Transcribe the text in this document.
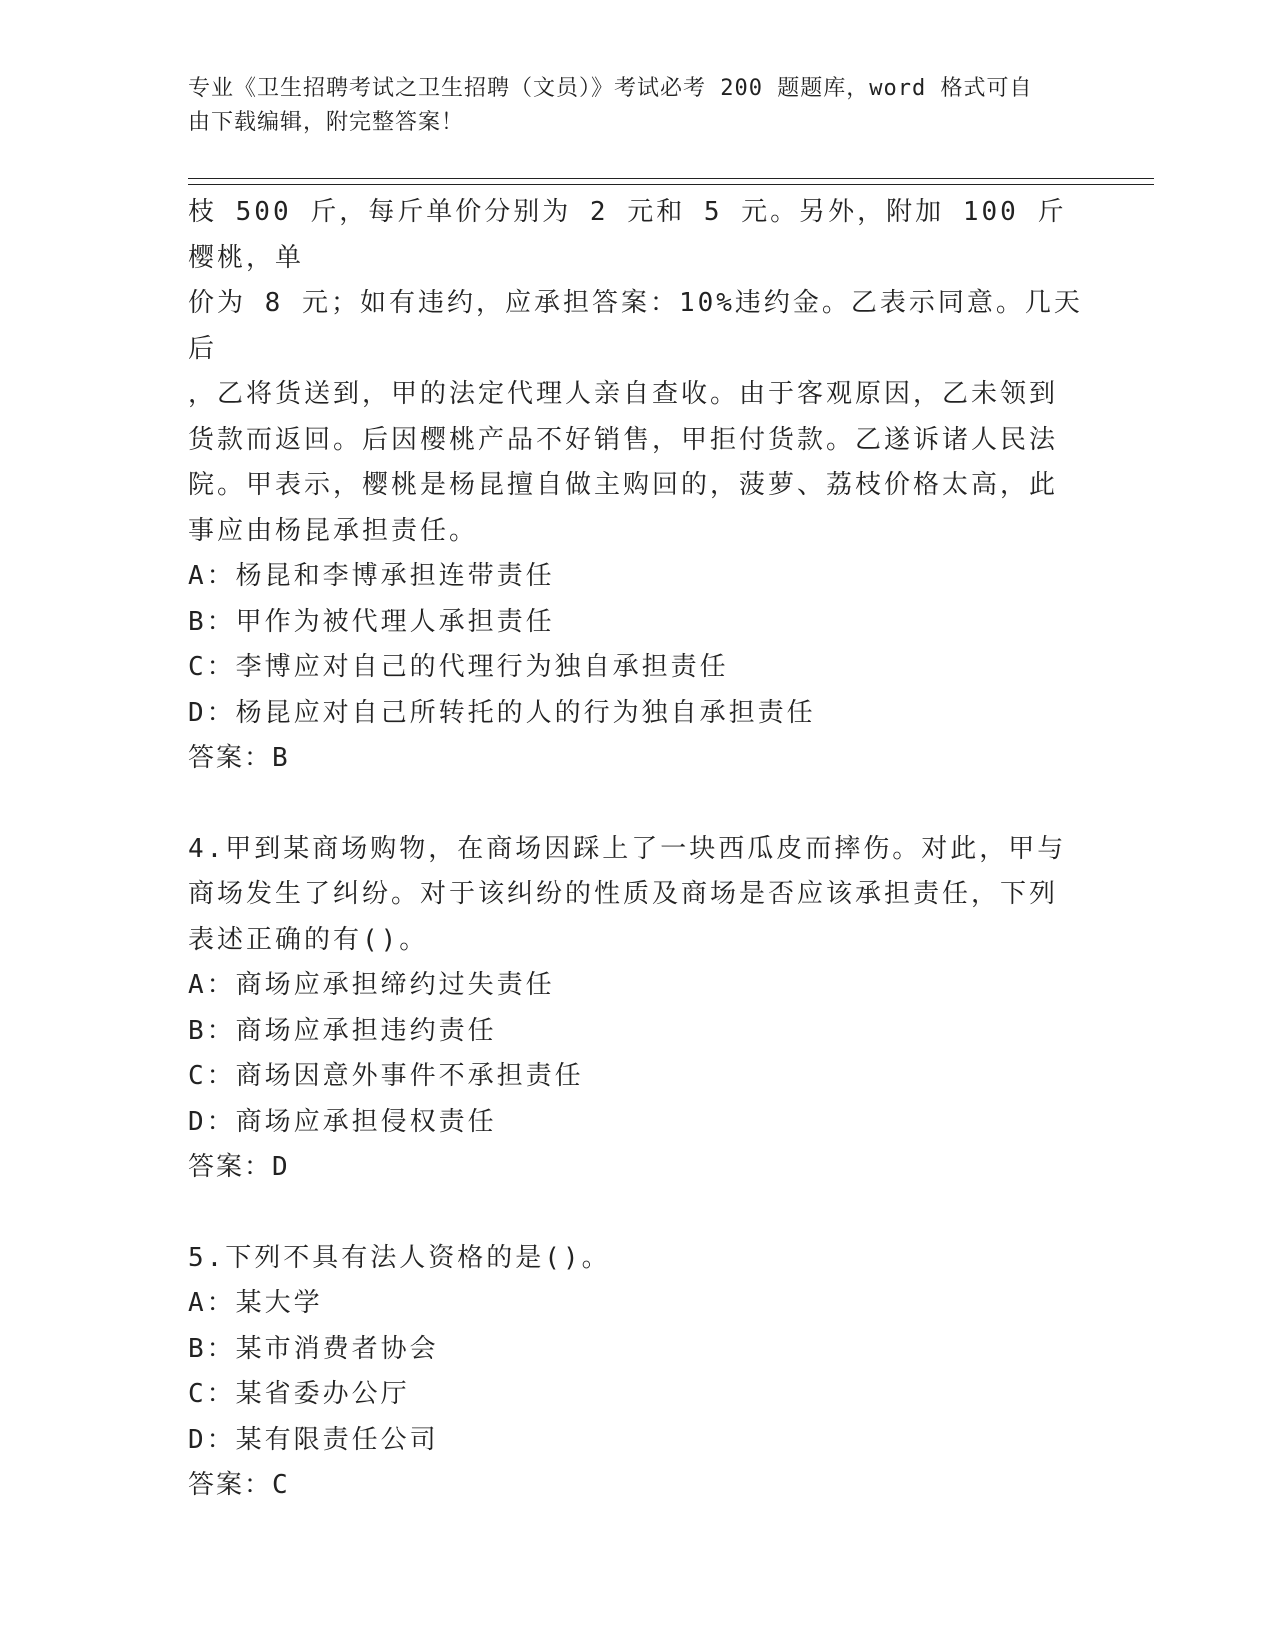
专业《卫生招聘考试之卫生招聘（文员）》考试必考 200 题题库，word 格式可自
由下载编辑，附完整答案！
枝 500 斤，每斤单价分别为 2 元和 5 元。另外，附加 100 斤樱桃，单
价为 8 元；如有违约，应承担答案：10%违约金。乙表示同意。几天后
，乙将货送到，甲的法定代理人亲自查收。由于客观原因，乙未领到
货款而返回。后因樱桃产品不好销售，甲拒付货款。乙遂诉诸人民法
院。甲表示，樱桃是杨昆擅自做主购回的，菠萝、荔枝价格太高，此
事应由杨昆承担责任。
A：杨昆和李博承担连带责任
B：甲作为被代理人承担责任
C：李博应对自己的代理行为独自承担责任
D：杨昆应对自己所转托的人的行为独自承担责任
答案：B
4.甲到某商场购物，在商场因踩上了一块西瓜皮而摔伤。对此，甲与
商场发生了纠纷。对于该纠纷的性质及商场是否应该承担责任，下列
表述正确的有()。
A：商场应承担缔约过失责任
B：商场应承担违约责任
C：商场因意外事件不承担责任
D：商场应承担侵权责任
答案：D
5.下列不具有法人资格的是()。
A：某大学
B：某市消费者协会
C：某省委办公厅
D：某有限责任公司
答案：C
